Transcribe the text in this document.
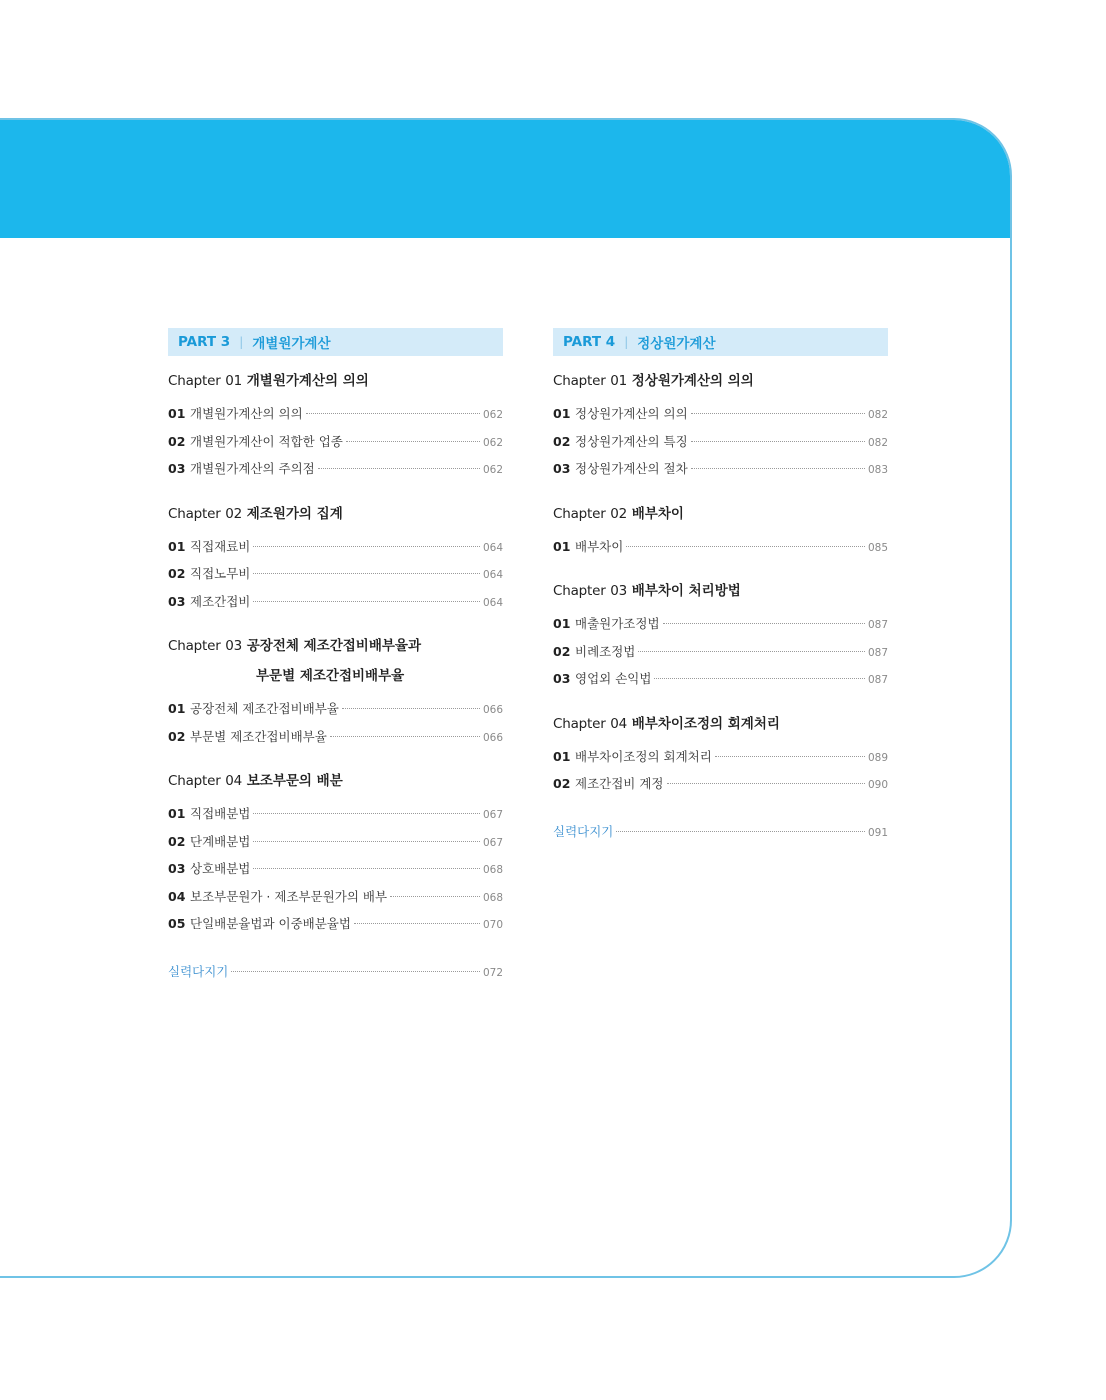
PART 3 | 개별원가계산
Chapter 01 개별원가계산의 의의
01 개별원가계산의 의의	062
02 개별원가계산이 적합한 업종	062
03 개별원가계산의 주의점	062
Chapter 02 제조원가의 집계
01 직접재료비	064
02 직접노무비	064
03 제조간접비	064
Chapter 03 공장전체 제조간접비배부율과
부문별 제조간접비배부율
01 공장전체 제조간접비배부율	066
02 부문별 제조간접비배부율	066
Chapter 04 보조부문의 배분
01 직접배분법	067
02 단계배분법	067
03 상호배분법	068
04 보조부문원가 · 제조부문원가의 배부	068
05 단일배분율법과 이중배분율법	070
실력다지기	072
PART 4 | 정상원가계산
Chapter 01 정상원가계산의 의의
01 정상원가계산의 의의	082
02 정상원가계산의 특징	082
03 정상원가계산의 절차	083
Chapter 02 배부차이
01 배부차이	085
Chapter 03 배부차이 처리방법
01 매출원가조정법	087
02 비례조정법	087
03 영업외 손익법	087
Chapter 04 배부차이조정의 회계처리
01 배부차이조정의 회계처리	089
02 제조간접비 계정	090
실력다지기	091
